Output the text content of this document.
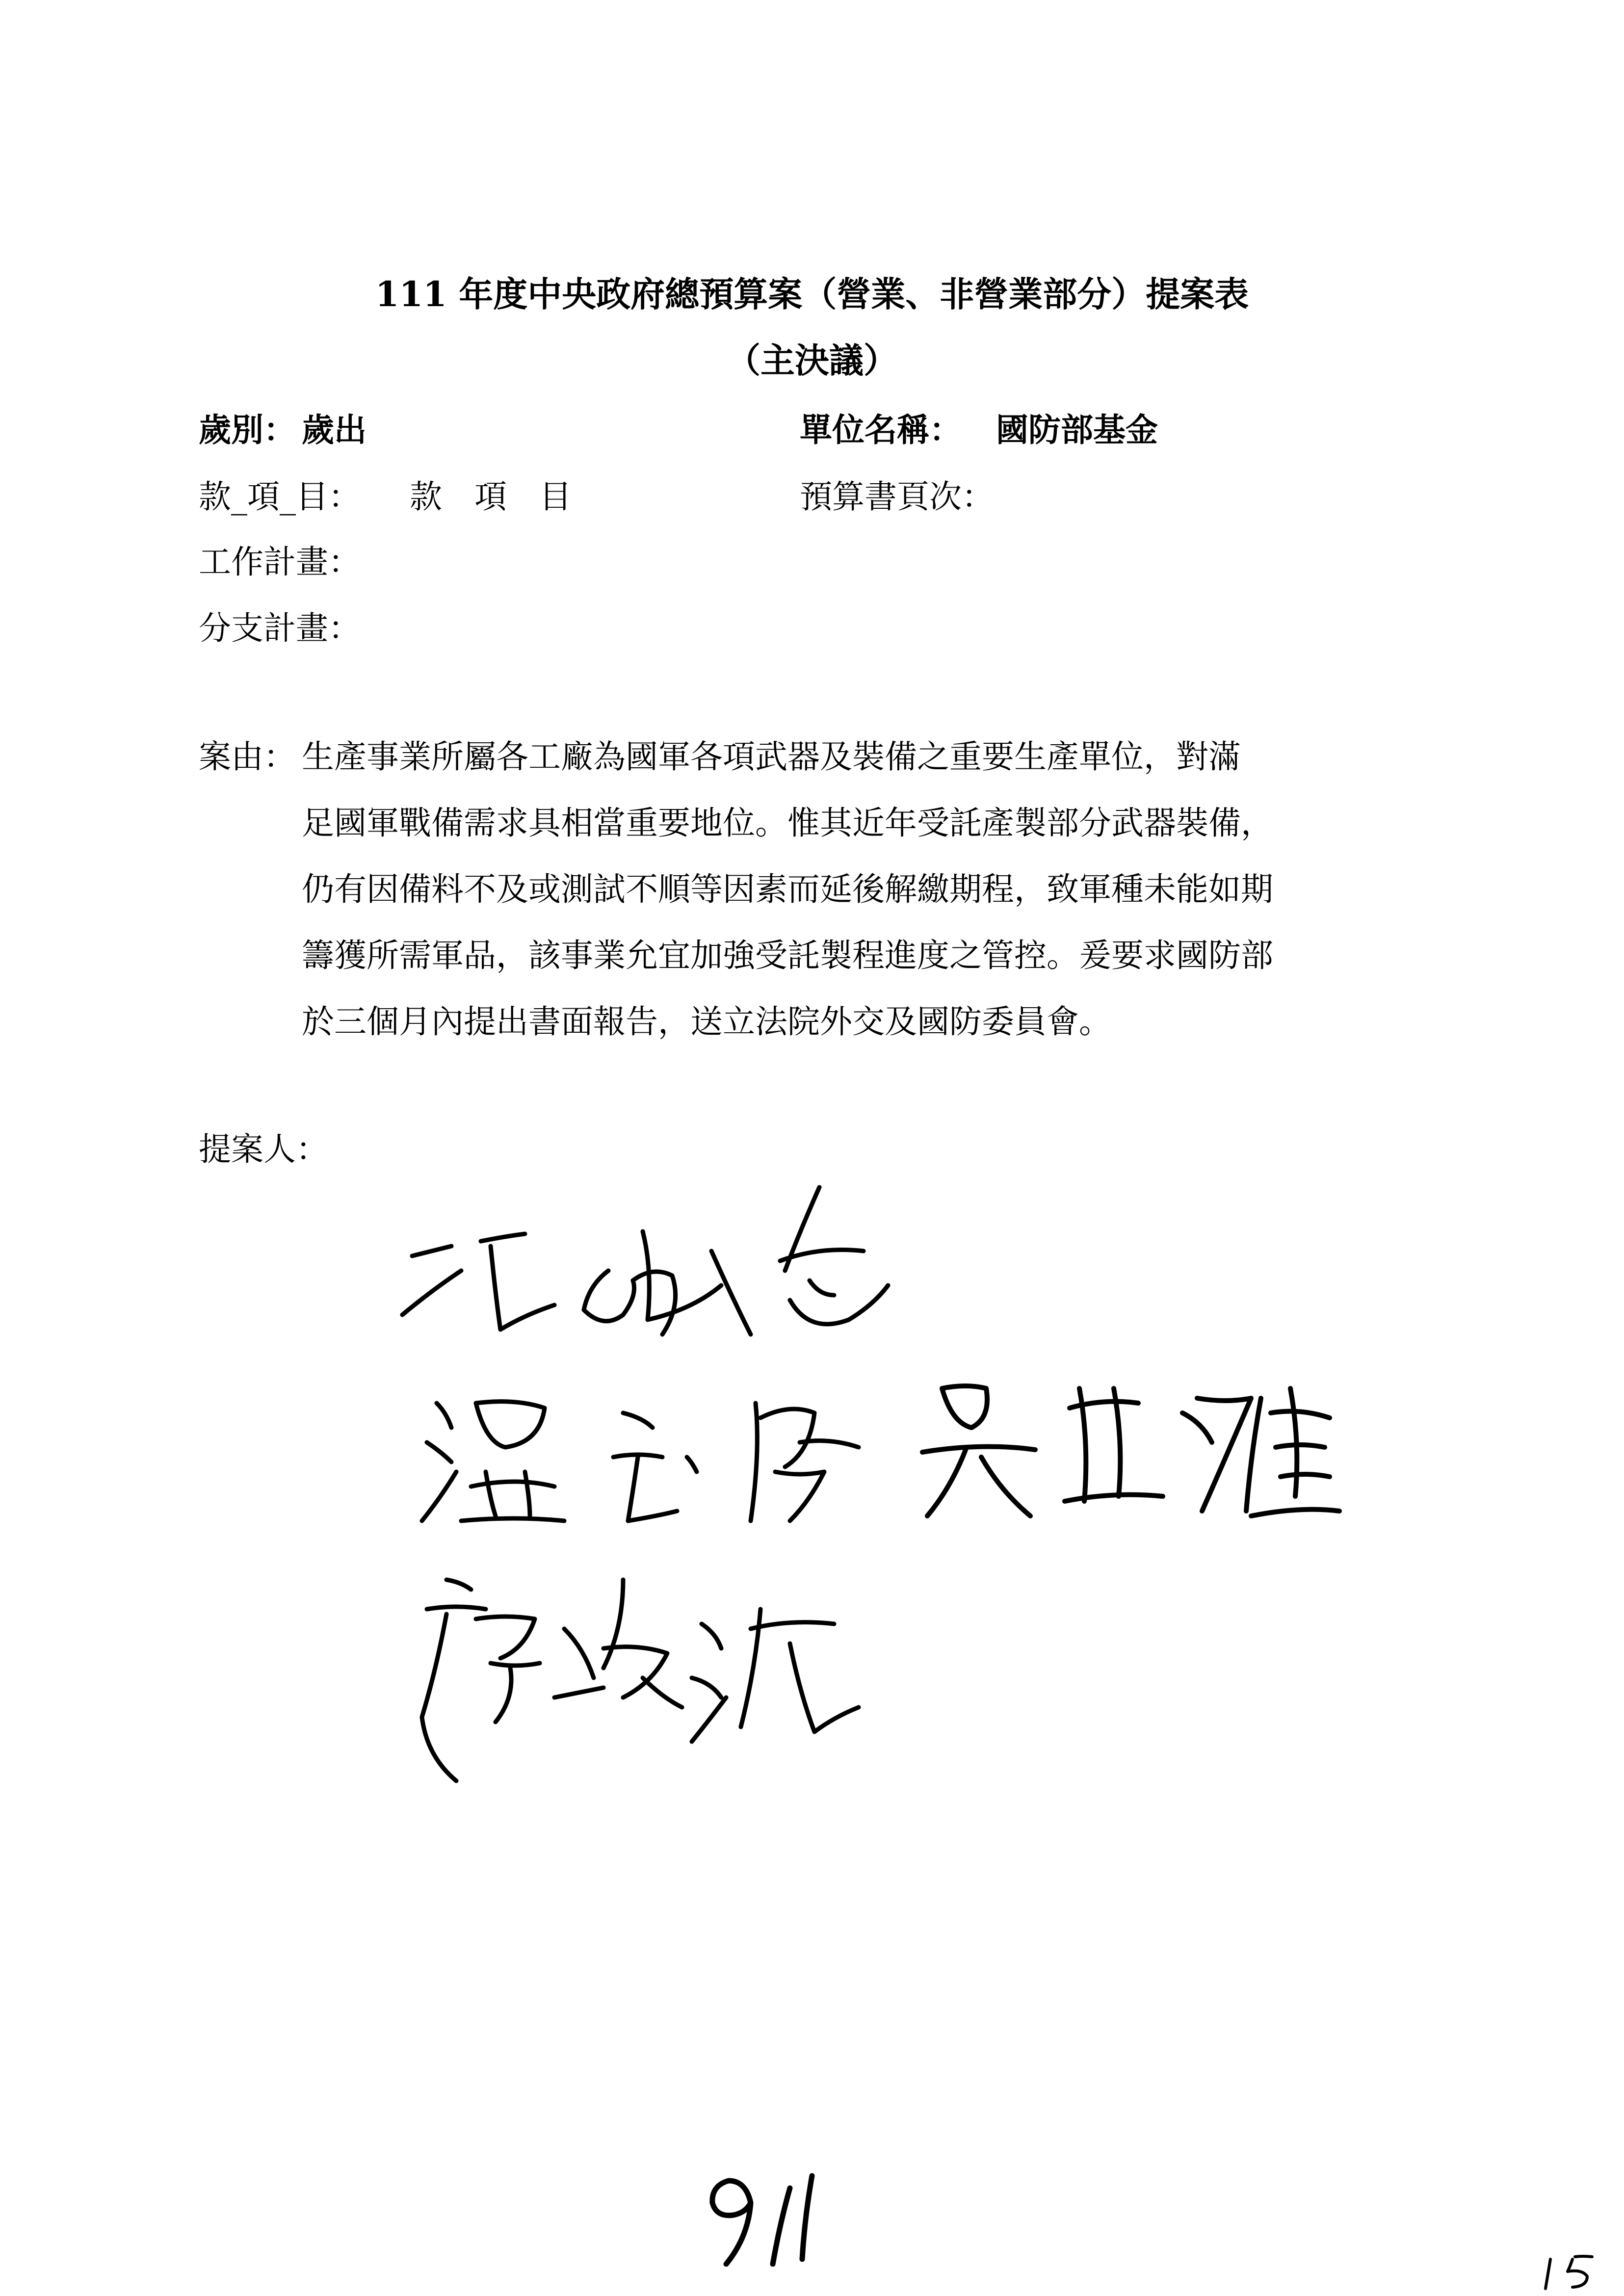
111 年度中央政府總預算案（營業、非營業部分）提案表
（主決議）
歲別： 歲出	單位名稱： 國防部基金
款_項_目： 款　項　目	預算書頁次：
工作計畫：
分支計畫：
案由： 生產事業所屬各工廠為國軍各項武器及裝備之重要生產單位，對滿
足國軍戰備需求具相當重要地位。惟其近年受託產製部分武器裝備，
仍有因備料不及或測試不順等因素而延後解繳期程，致軍種未能如期
籌獲所需軍品，該事業允宜加強受託製程進度之管控。爰要求國防部
於三個月內提出書面報告，送立法院外交及國防委員會。
提案人：
